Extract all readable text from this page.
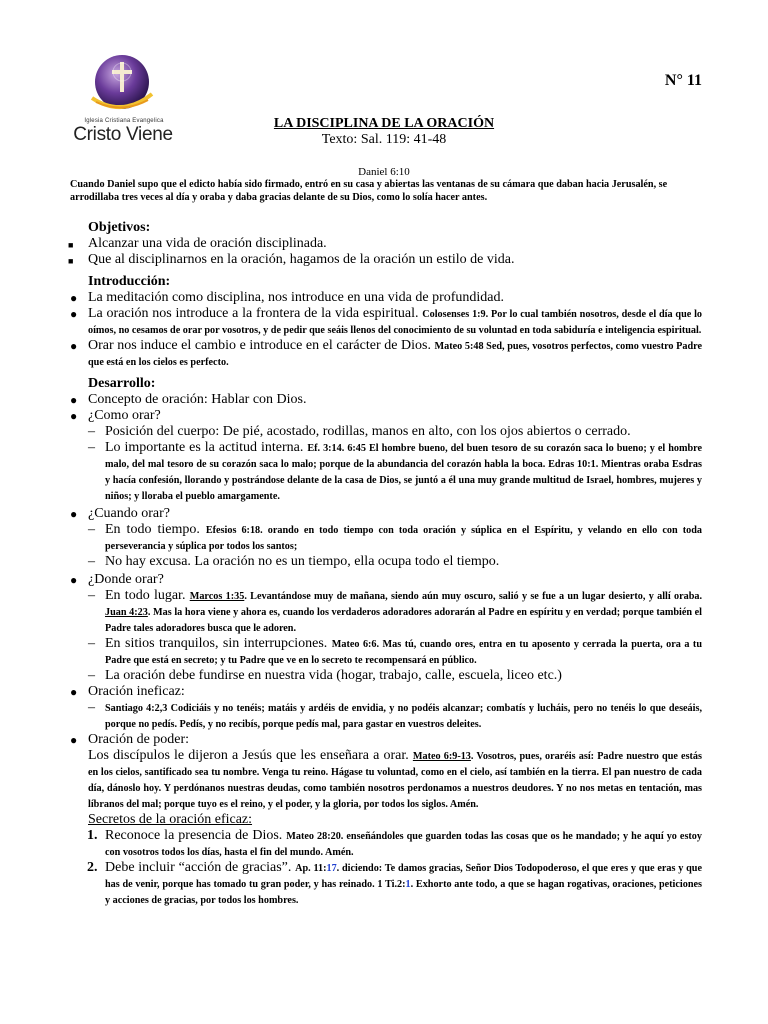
Iglesia Cristiana Evangelica
Cristo Viene
N° 11
LA DISCIPLINA DE LA ORACIÓN
Texto: Sal. 119: 41-48
Daniel 6:10
Cuando Daniel supo que el edicto había sido firmado, entró en su casa y abiertas las ventanas de su cámara que daban hacia Jerusalén, se arrodillaba tres veces al día y oraba y daba gracias delante de su Dios, como lo solía hacer antes.
Objetivos:
■ Alcanzar una vida de oración disciplinada.
■ Que al disciplinarnos en la oración, hagamos de la oración un estilo de vida.
Introducción:
● La meditación como disciplina, nos introduce en una vida de profundidad.
● La oración nos introduce a la frontera de la vida espiritual. Colosenses 1:9. Por lo cual también nosotros, desde el día que lo oímos, no cesamos de orar por vosotros, y de pedir que seáis llenos del conocimiento de su voluntad en toda sabiduría e inteligencia espiritual.
● Orar nos induce el cambio e introduce en el carácter de Dios. Mateo 5:48 Sed, pues, vosotros perfectos, como vuestro Padre que está en los cielos es perfecto.
Desarrollo:
● Concepto de oración: Hablar con Dios.
● ¿Como orar?
– Posición del cuerpo: De pié, acostado, rodillas, manos en alto, con los ojos abiertos o cerrado.
– Lo importante es la actitud interna. Ef. 3:14. 6:45 El hombre bueno, del buen tesoro de su corazón saca lo bueno; y el hombre malo, del mal tesoro de su corazón saca lo malo; porque de la abundancia del corazón habla la boca. Edras 10:1. Mientras oraba Esdras y hacía confesión, llorando y postrándose delante de la casa de Dios, se juntó a él una muy grande multitud de Israel, hombres, mujeres y niños; y lloraba el pueblo amargamente.
● ¿Cuando orar?
– En todo tiempo. Efesios 6:18. orando en todo tiempo con toda oración y súplica en el Espíritu, y velando en ello con toda perseverancia y súplica por todos los santos;
– No hay excusa. La oración no es un tiempo, ella ocupa todo el tiempo.
● ¿Donde orar?
– En todo lugar. Marcos 1:35. Levantándose muy de mañana, siendo aún muy oscuro, salió y se fue a un lugar desierto, y allí oraba. Juan 4:23. Mas la hora viene y ahora es, cuando los verdaderos adoradores adorarán al Padre en espíritu y en verdad; porque también el Padre tales adoradores busca que le adoren.
– En sitios tranquilos, sin interrupciones. Mateo 6:6. Mas tú, cuando ores, entra en tu aposento y cerrada la puerta, ora a tu Padre que está en secreto; y tu Padre que ve en lo secreto te recompensará en público.
– La oración debe fundirse en nuestra vida (hogar, trabajo, calle, escuela, liceo etc.)
● Oración ineficaz:
– Santiago 4:2,3 Codiciáis y no tenéis; matáis y ardéis de envidia, y no podéis alcanzar; combatís y lucháis, pero no tenéis lo que deseáis, porque no pedís. Pedís, y no recibís, porque pedís mal, para gastar en vuestros deleites.
● Oración de poder:
Los discípulos le dijeron a Jesús que les enseñara a orar. Mateo 6:9-13. Vosotros, pues, oraréis así: Padre nuestro que estás en los cielos, santificado sea tu nombre. Venga tu reino. Hágase tu voluntad, como en el cielo, así también en la tierra. El pan nuestro de cada día, dánoslo hoy. Y perdónanos nuestras deudas, como también nosotros perdonamos a nuestros deudores. Y no nos metas en tentación, mas líbranos del mal; porque tuyo es el reino, y el poder, y la gloria, por todos los siglos. Amén.
Secretos de la oración eficaz:
1. Reconoce la presencia de Dios. Mateo 28:20. enseñándoles que guarden todas las cosas que os he mandado; y he aquí yo estoy con vosotros todos los días, hasta el fin del mundo. Amén.
2. Debe incluir “acción de gracias”. Ap. 11:17. diciendo: Te damos gracias, Señor Dios Todopoderoso, el que eres y que eras y que has de venir, porque has tomado tu gran poder, y has reinado. 1 Ti.2:1. Exhorto ante todo, a que se hagan rogativas, oraciones, peticiones y acciones de gracias, por todos los hombres.
